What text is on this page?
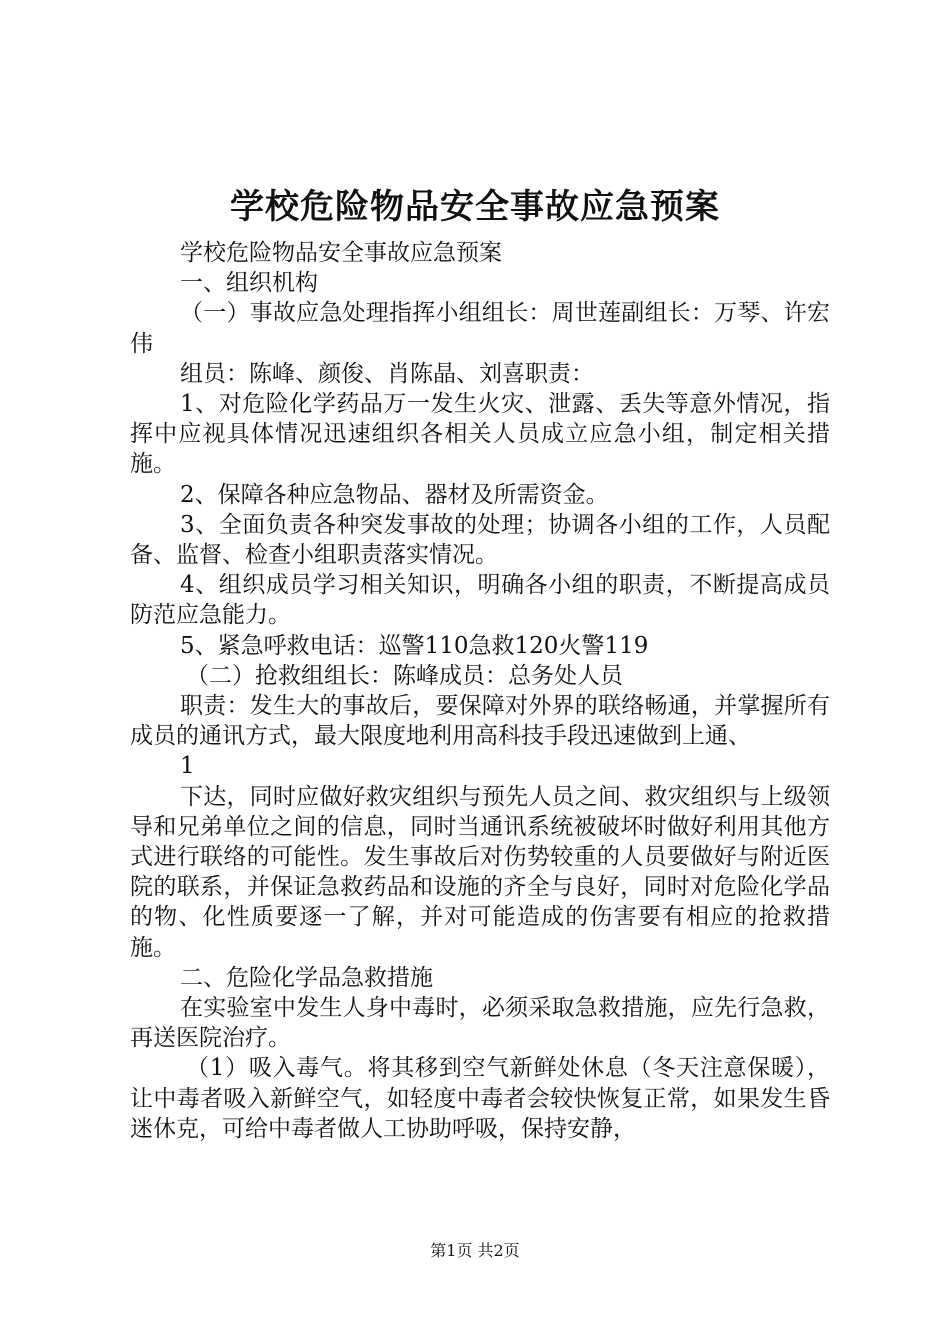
学校危险物品安全事故应急预案

学校危险物品安全事故应急预案

一、组织机构

（一）事故应急处理指挥小组组长：周世莲副组长：万琴、许宏伟

组员：陈峰、颜俊、肖陈晶、刘喜职责：

1、对危险化学药品万一发生火灾、泄露、丢失等意外情况，指挥中应视具体情况迅速组织各相关人员成立应急小组，制定相关措施。

2、保障各种应急物品、器材及所需资金。

3、全面负责各种突发事故的处理；协调各小组的工作，人员配备、监督、检查小组职责落实情况。

4、组织成员学习相关知识，明确各小组的职责，不断提高成员防范应急能力。

5、紧急呼救电话：巡警110急救120火警119

（二）抢救组组长：陈峰成员：总务处人员

职责：发生大的事故后，要保障对外界的联络畅通，并掌握所有成员的通讯方式，最大限度地利用高科技手段迅速做到上通、

1

下达，同时应做好救灾组织与预先人员之间、救灾组织与上级领导和兄弟单位之间的信息，同时当通讯系统被破坏时做好利用其他方式进行联络的可能性。发生事故后对伤势较重的人员要做好与附近医院的联系，并保证急救药品和设施的齐全与良好，同时对危险化学品的物、化性质要逐一了解，并对可能造成的伤害要有相应的抢救措施。

二、危险化学品急救措施

在实验室中发生人身中毒时，必须采取急救措施，应先行急救，再送医院治疗。

（1）吸入毒气。将其移到空气新鲜处休息（冬天注意保暖），让中毒者吸入新鲜空气，如轻度中毒者会较快恢复正常，如果发生昏迷休克，可给中毒者做人工协助呼吸，保持安静，

第1页 共2页
